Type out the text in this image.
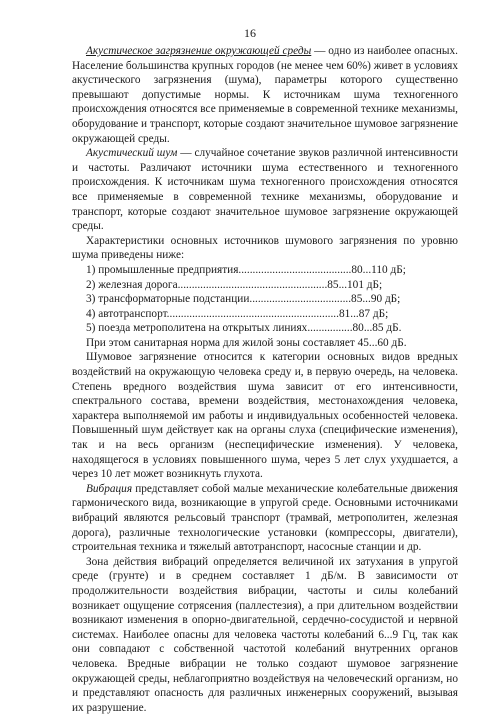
16

Акустическое загрязнение окружающей среды — одно из наиболее опасных. Население большинства крупных городов (не менее чем 60%) живет в условиях акустического загрязнения (шума), параметры которого существенно превышают допустимые нормы. К источникам шума техногенного происхождения относятся все применяемые в современной технике механизмы, оборудование и транспорт, которые создают значительное шумовое загрязнение окружающей среды.

Акустический шум — случайное сочетание звуков различной интенсивности и частоты. Различают источники шума естественного и техногенного происхождения. К источникам шума техногенного происхождения относятся все применяемые в современной технике механизмы, оборудование и транспорт, которые создают значительное шумовое загрязнение окружающей среды.

Характеристики основных источников шумового загрязнения по уровню шума приведены ниже:

1) промышленные предприятия........................................80...110 дБ;
2) железная дорога.....................................................85...101 дБ;
3) трансформаторные подстанции....................................85...90 дБ;
4) автотранспорт.............................................................81...87 дБ;
5) поезда метрополитена на открытых линиях................80...85 дБ.

При этом санитарная норма для жилой зоны составляет 45...60 дБ.

Шумовое загрязнение относится к категории основных видов вредных воздействий на окружающую человека среду и, в первую очередь, на человека. Степень вредного воздействия шума зависит от его интенсивности, спектрального состава, времени воздействия, местонахождения человека, характера выполняемой им работы и индивидуальных особенностей человека. Повышенный шум действует как на органы слуха (специфические изменения), так и на весь организм (неспецифические изменения). У человека, находящегося в условиях повышенного шума, через 5 лет слух ухудшается, а через 10 лет может возникнуть глухота.

Вибрация представляет собой малые механические колебательные движения гармонического вида, возникающие в упругой среде. Основными источниками вибраций являются рельсовый транспорт (трамвай, метрополитен, железная дорога), различные технологические установки (компрессоры, двигатели), строительная техника и тяжелый автотранспорт, насосные станции и др.

Зона действия вибраций определяется величиной их затухания в упругой среде (грунте) и в среднем составляет 1 дБ/м. В зависимости от продолжительности воздействия вибрации, частоты и силы колебаний возникает ощущение сотрясения (паллестезия), а при длительном воздействии возникают изменения в опорно-двигательной, сердечно-сосудистой и нервной системах. Наиболее опасны для человека частоты колебаний 6...9 Гц, так как они совпадают с собственной частотой колебаний внутренних органов человека. Вредные вибрации не только создают шумовое загрязнение окружающей среды, неблагоприятно воздействуя на человеческий организм, но и представляют опасность для различных инженерных сооружений, вызывая их разрушение.
